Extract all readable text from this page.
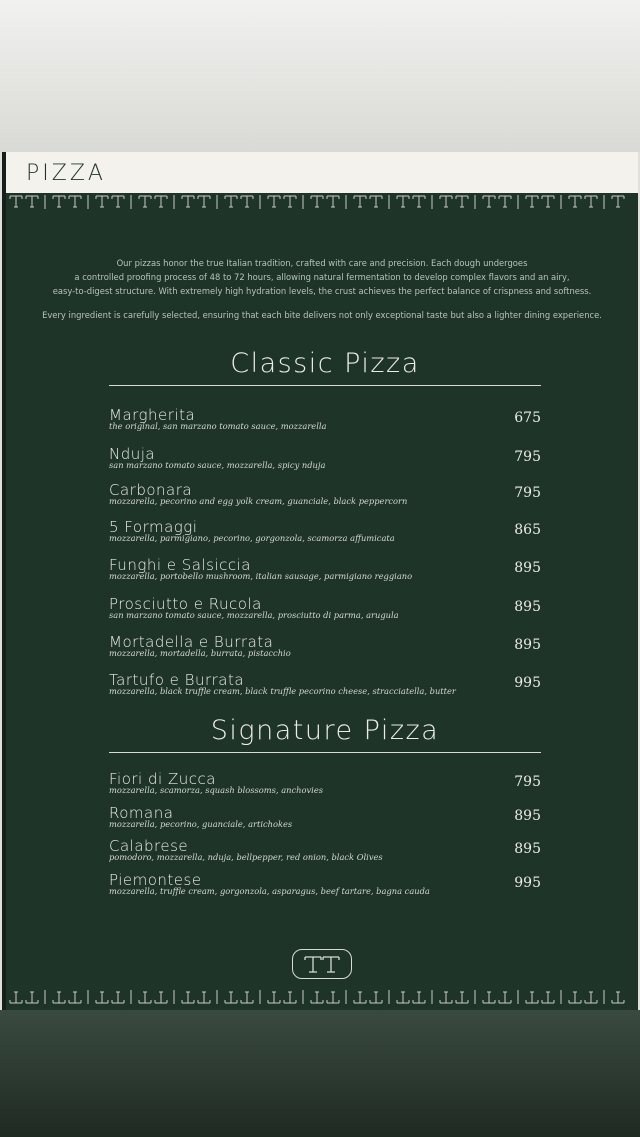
PIZZA

Our pizzas honor the true Italian tradition, crafted with care and precision. Each dough undergoes

a controlled proofing process of 48 to 72 hours, allowing natural fermentation to develop complex flavors and an airy,

easy-to-digest structure. With extremely high hydration levels, the crust achieves the perfect balance of crispness and softness.

Every ingredient is carefully selected, ensuring that each bite delivers not only exceptional taste but also a lighter dining experience.

Classic Pizza
Margherita
the original, san marzano tomato sauce, mozzarella	675
Nduja
san marzano tomato sauce, mozzarella, spicy nduja	795
Carbonara
mozzarella, pecorino and egg yolk cream, guanciale, black peppercorn	795
5 Formaggi
mozzarella, parmigiano, pecorino, gorgonzola, scamorza affumicata	865
Funghi e Salsiccia
mozzarella, portobello mushroom, italian sausage, parmigiano reggiano	895
Prosciutto e Rucola
san marzano tomato sauce, mozzarella, prosciutto di parma, arugula	895
Mortadella e Burrata
mozzarella, mortadella, burrata, pistacchio	895
Tartufo e Burrata
mozzarella, black truffle cream, black truffle pecorino cheese, stracciatella, butter	995
Signature Pizza
Fiori di Zucca
mozzarella, scamorza, squash blossoms, anchovies	795
Romana
mozzarella, pecorino, guanciale, artichokes	895
Calabrese
pomodoro, mozzarella, nduja, bellpepper, red onion, black Olives	895
Piemontese
mozzarella, truffle cream, gorgonzola, asparagus, beef tartare, bagna cauda	995
